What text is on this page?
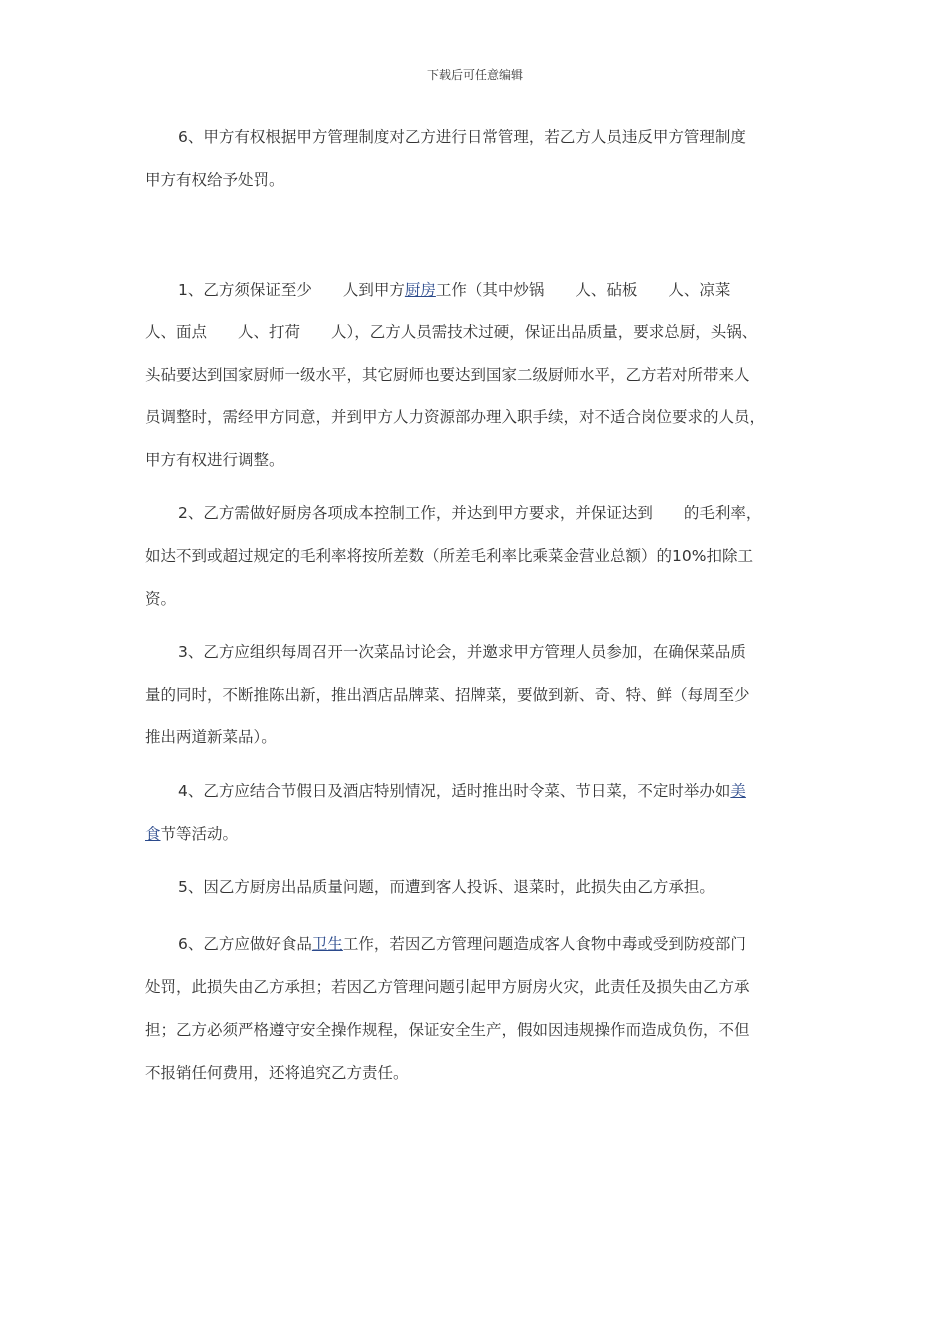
下载后可任意编辑
6、甲方有权根据甲方管理制度对乙方进行日常管理，若乙方人员违反甲方管理制度
甲方有权给予处罚。
1、乙方须保证至少　　人到甲方厨房工作（其中炒锅　　人、砧板　　人、凉菜
人、面点　　人、打荷　　人），乙方人员需技术过硬，保证出品质量，要求总厨，头锅、
头砧要达到国家厨师一级水平，其它厨师也要达到国家二级厨师水平，乙方若对所带来人
员调整时，需经甲方同意，并到甲方人力资源部办理入职手续，对不适合岗位要求的人员，
甲方有权进行调整。
2、乙方需做好厨房各项成本控制工作，并达到甲方要求，并保证达到　　的毛利率，
如达不到或超过规定的毛利率将按所差数（所差毛利率比乘菜金营业总额）的10%扣除工
资。
3、乙方应组织每周召开一次菜品讨论会，并邀求甲方管理人员参加，在确保菜品质
量的同时，不断推陈出新，推出酒店品牌菜、招牌菜，要做到新、奇、特、鲜（每周至少
推出两道新菜品）。
4、乙方应结合节假日及酒店特别情况，适时推出时令菜、节日菜，不定时举办如美
食节等活动。
5、因乙方厨房出品质量问题，而遭到客人投诉、退菜时，此损失由乙方承担。
6、乙方应做好食品卫生工作，若因乙方管理问题造成客人食物中毒或受到防疫部门
处罚，此损失由乙方承担；若因乙方管理问题引起甲方厨房火灾，此责任及损失由乙方承
担；乙方必须严格遵守安全操作规程，保证安全生产，假如因违规操作而造成负伤，不但
不报销任何费用，还将追究乙方责任。
